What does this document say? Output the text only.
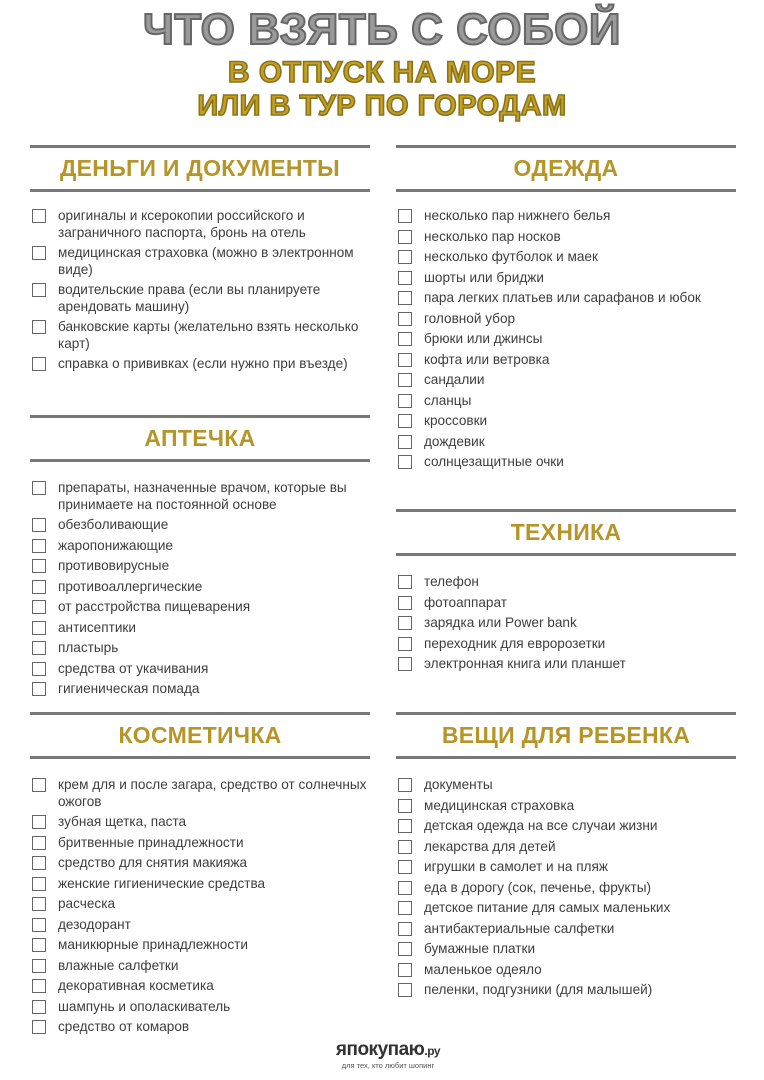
ЧТО ВЗЯТЬ С СОБОЙ
В ОТПУСК НА МОРЕ
ИЛИ В ТУР ПО ГОРОДАМ
ДЕНЬГИ И ДОКУМЕНТЫ
оригиналы и ксерокопии российского и заграничного паспорта, бронь на отель
медицинская страховка (можно в электронном виде)
водительские права (если вы планируете арендовать машину)
банковские карты (желательно взять несколько карт)
справка о прививках (если нужно при въезде)
АПТЕЧКА
препараты, назначенные врачом, которые вы принимаете на постоянной основе
обезболивающие
жаропонижающие
противовирусные
противоаллергические
от расстройства пищеварения
антисептики
пластырь
средства от укачивания
гигиеническая помада
КОСМЕТИЧКА
крем для и после загара, средство от солнечных ожогов
зубная щетка, паста
бритвенные принадлежности
средство для снятия макияжа
женские гигиенические средства
расческа
дезодорант
маникюрные принадлежности
влажные салфетки
декоративная косметика
шампунь и ополаскиватель
средство от комаров
ОДЕЖДА
несколько пар нижнего белья
несколько пар носков
несколько футболок и маек
шорты или бриджи
пара легких платьев или сарафанов и юбок
головной убор
брюки или джинсы
кофта или ветровка
сандалии
сланцы
кроссовки
дождевик
солнцезащитные очки
ТЕХНИКА
телефон
фотоаппарат
зарядка или Power bank
переходник для евророзетки
электронная книга или планшет
ВЕЩИ ДЛЯ РЕБЕНКА
документы
медицинская страховка
детская одежда на все случаи жизни
лекарства для детей
игрушки в самолет и на пляж
еда в дорогу (сок, печенье, фрукты)
детское питание для самых маленьких
антибактериальные салфетки
бумажные платки
маленькое одеяло
пеленки, подгузники (для малышей)
япокупаю.ру
для тех, кто любит шопинг
